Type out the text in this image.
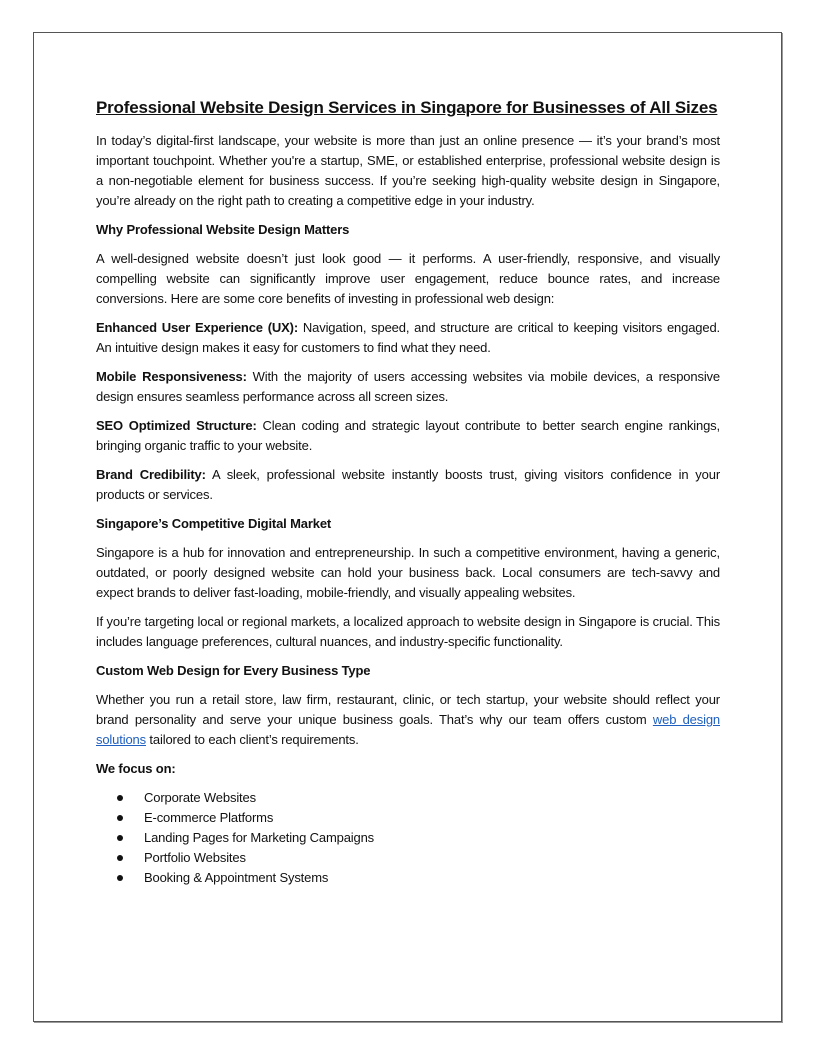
Professional Website Design Services in Singapore for Businesses of All Sizes

In today’s digital-first landscape, your website is more than just an online presence — it’s your brand’s most important touchpoint. Whether you're a startup, SME, or established enterprise, professional website design is a non-negotiable element for business success. If you’re seeking high-quality website design in Singapore, you’re already on the right path to creating a competitive edge in your industry.

Why Professional Website Design Matters

A well-designed website doesn’t just look good — it performs. A user-friendly, responsive, and visually compelling website can significantly improve user engagement, reduce bounce rates, and increase conversions. Here are some core benefits of investing in professional web design:

Enhanced User Experience (UX): Navigation, speed, and structure are critical to keeping visitors engaged. An intuitive design makes it easy for customers to find what they need.

Mobile Responsiveness: With the majority of users accessing websites via mobile devices, a responsive design ensures seamless performance across all screen sizes.

SEO Optimized Structure: Clean coding and strategic layout contribute to better search engine rankings, bringing organic traffic to your website.

Brand Credibility: A sleek, professional website instantly boosts trust, giving visitors confidence in your products or services.

Singapore’s Competitive Digital Market

Singapore is a hub for innovation and entrepreneurship. In such a competitive environment, having a generic, outdated, or poorly designed website can hold your business back. Local consumers are tech-savvy and expect brands to deliver fast-loading, mobile-friendly, and visually appealing websites.

If you’re targeting local or regional markets, a localized approach to website design in Singapore is crucial. This includes language preferences, cultural nuances, and industry-specific functionality.

Custom Web Design for Every Business Type

Whether you run a retail store, law firm, restaurant, clinic, or tech startup, your website should reflect your brand personality and serve your unique business goals. That’s why our team offers custom web design solutions tailored to each client’s requirements.

We focus on:

Corporate Websites
E-commerce Platforms
Landing Pages for Marketing Campaigns
Portfolio Websites
Booking & Appointment Systems
